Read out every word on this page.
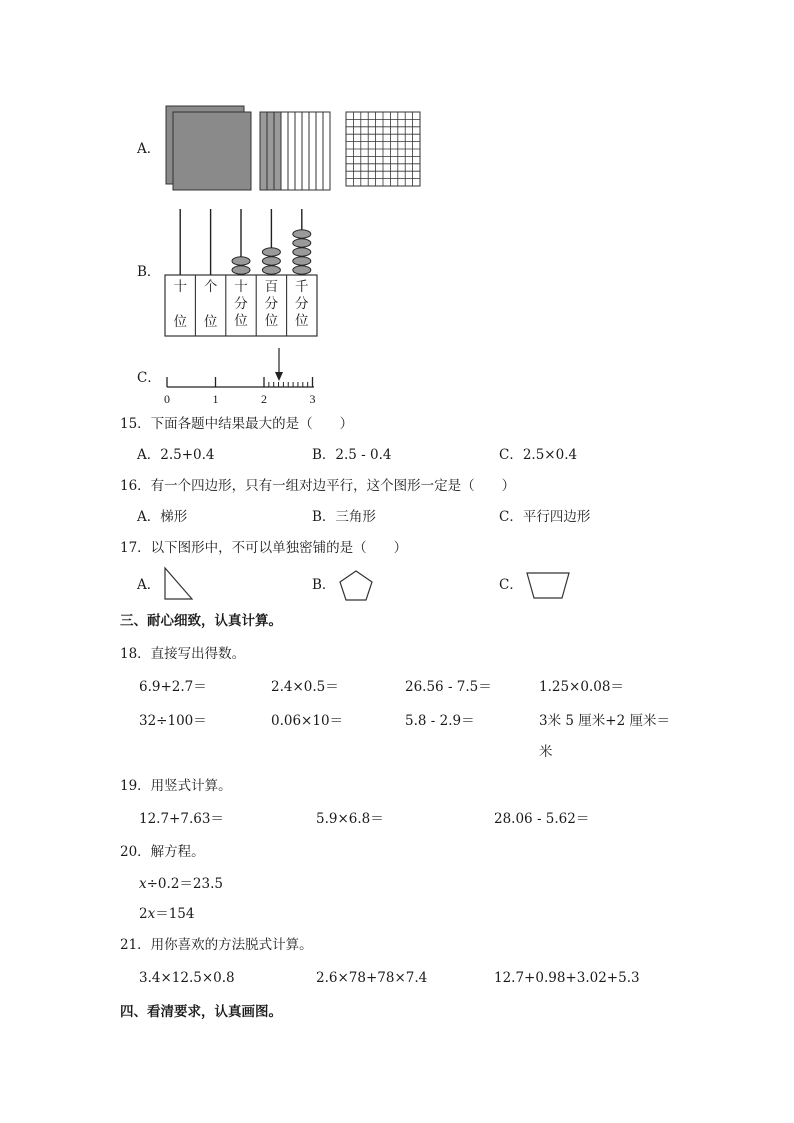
A．
B．
十
位
个
位
十
分
位
百
分
位
千
分
位
C．
0	1	2	3
15．下面各题中结果最大的是（　　）
A．2.5+0.4	B．2.5 - 0.4	C．2.5×0.4
16．有一个四边形，只有一组对边平行，这个图形一定是（　　）
A．梯形	B．三角形	C．平行四边形
17．以下图形中，不可以单独密铺的是（　　）
A．	B．	C．
三、耐心细致，认真计算。
18．直接写出得数。
6.9+2.7＝	2.4×0.5＝	26.56 - 7.5＝	1.25×0.08＝
32÷100＝	0.06×10＝	5.8 - 2.9＝	3米 5 厘米+2 厘米＝
米
19．用竖式计算。
12.7+7.63＝	5.9×6.8＝	28.06 - 5.62＝
20．解方程。
x÷0.2＝23.5
2x＝154
21．用你喜欢的方法脱式计算。
3.4×12.5×0.8	2.6×78+78×7.4	12.7+0.98+3.02+5.3
四、看清要求，认真画图。
